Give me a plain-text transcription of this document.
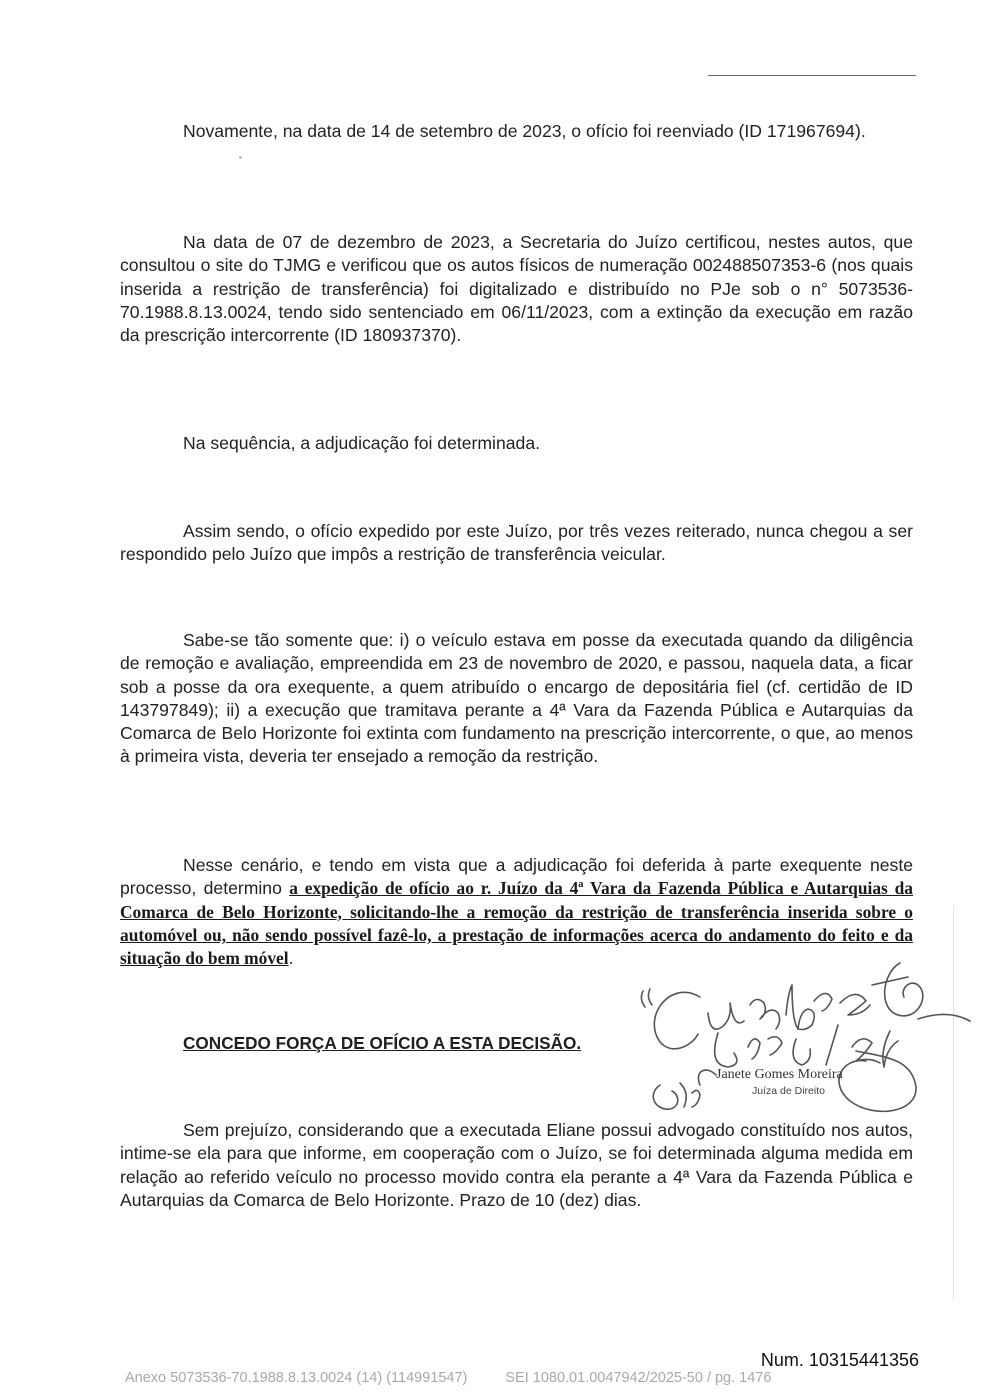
Novamente, na data de 14 de setembro de 2023, o ofício foi reenviado (ID 171967694).

Na data de 07 de dezembro de 2023, a Secretaria do Juízo certificou, nestes autos, que consultou o site do TJMG e verificou que os autos físicos de numeração 002488507353-6 (nos quais inserida a restrição de transferência) foi digitalizado e distribuído no PJe sob o n° 5073536-70.1988.8.13.0024, tendo sido sentenciado em 06/11/2023, com a extinção da execução em razão da prescrição intercorrente (ID 180937370).

Na sequência, a adjudicação foi determinada.

Assim sendo, o ofício expedido por este Juízo, por três vezes reiterado, nunca chegou a ser respondido pelo Juízo que impôs a restrição de transferência veicular.

Sabe-se tão somente que: i) o veículo estava em posse da executada quando da diligência de remoção e avaliação, empreendida em 23 de novembro de 2020, e passou, naquela data, a ficar sob a posse da ora exequente, a quem atribuído o encargo de depositária fiel (cf. certidão de ID 143797849); ii) a execução que tramitava perante a 4ª Vara da Fazenda Pública e Autarquias da Comarca de Belo Horizonte foi extinta com fundamento na prescrição intercorrente, o que, ao menos à primeira vista, deveria ter ensejado a remoção da restrição.

Nesse cenário, e tendo em vista que a adjudicação foi deferida à parte exequente neste processo, determino a expedição de ofício ao r. Juízo da 4ª Vara da Fazenda Pública e Autarquias da Comarca de Belo Horizonte, solicitando-lhe a remoção da restrição de transferência inserida sobre o automóvel ou, não sendo possível fazê-lo, a prestação de informações acerca do andamento do feito e da situação do bem móvel.

CONCEDO FORÇA DE OFÍCIO A ESTA DECISÃO.

Janete Gomes Moreira

Juíza de Direito

Sem prejuízo, considerando que a executada Eliane possui advogado constituído nos autos, intime-se ela para que informe, em cooperação com o Juízo, se foi determinada alguma medida em relação ao referido veículo no processo movido contra ela perante a 4ª Vara da Fazenda Pública e Autarquias da Comarca de Belo Horizonte. Prazo de 10 (dez) dias.

Num. 10315441356

Anexo 5073536-70.1988.8.13.0024 (14) (114991547)	SEI 1080.01.0047942/2025-50 / pg. 1476
